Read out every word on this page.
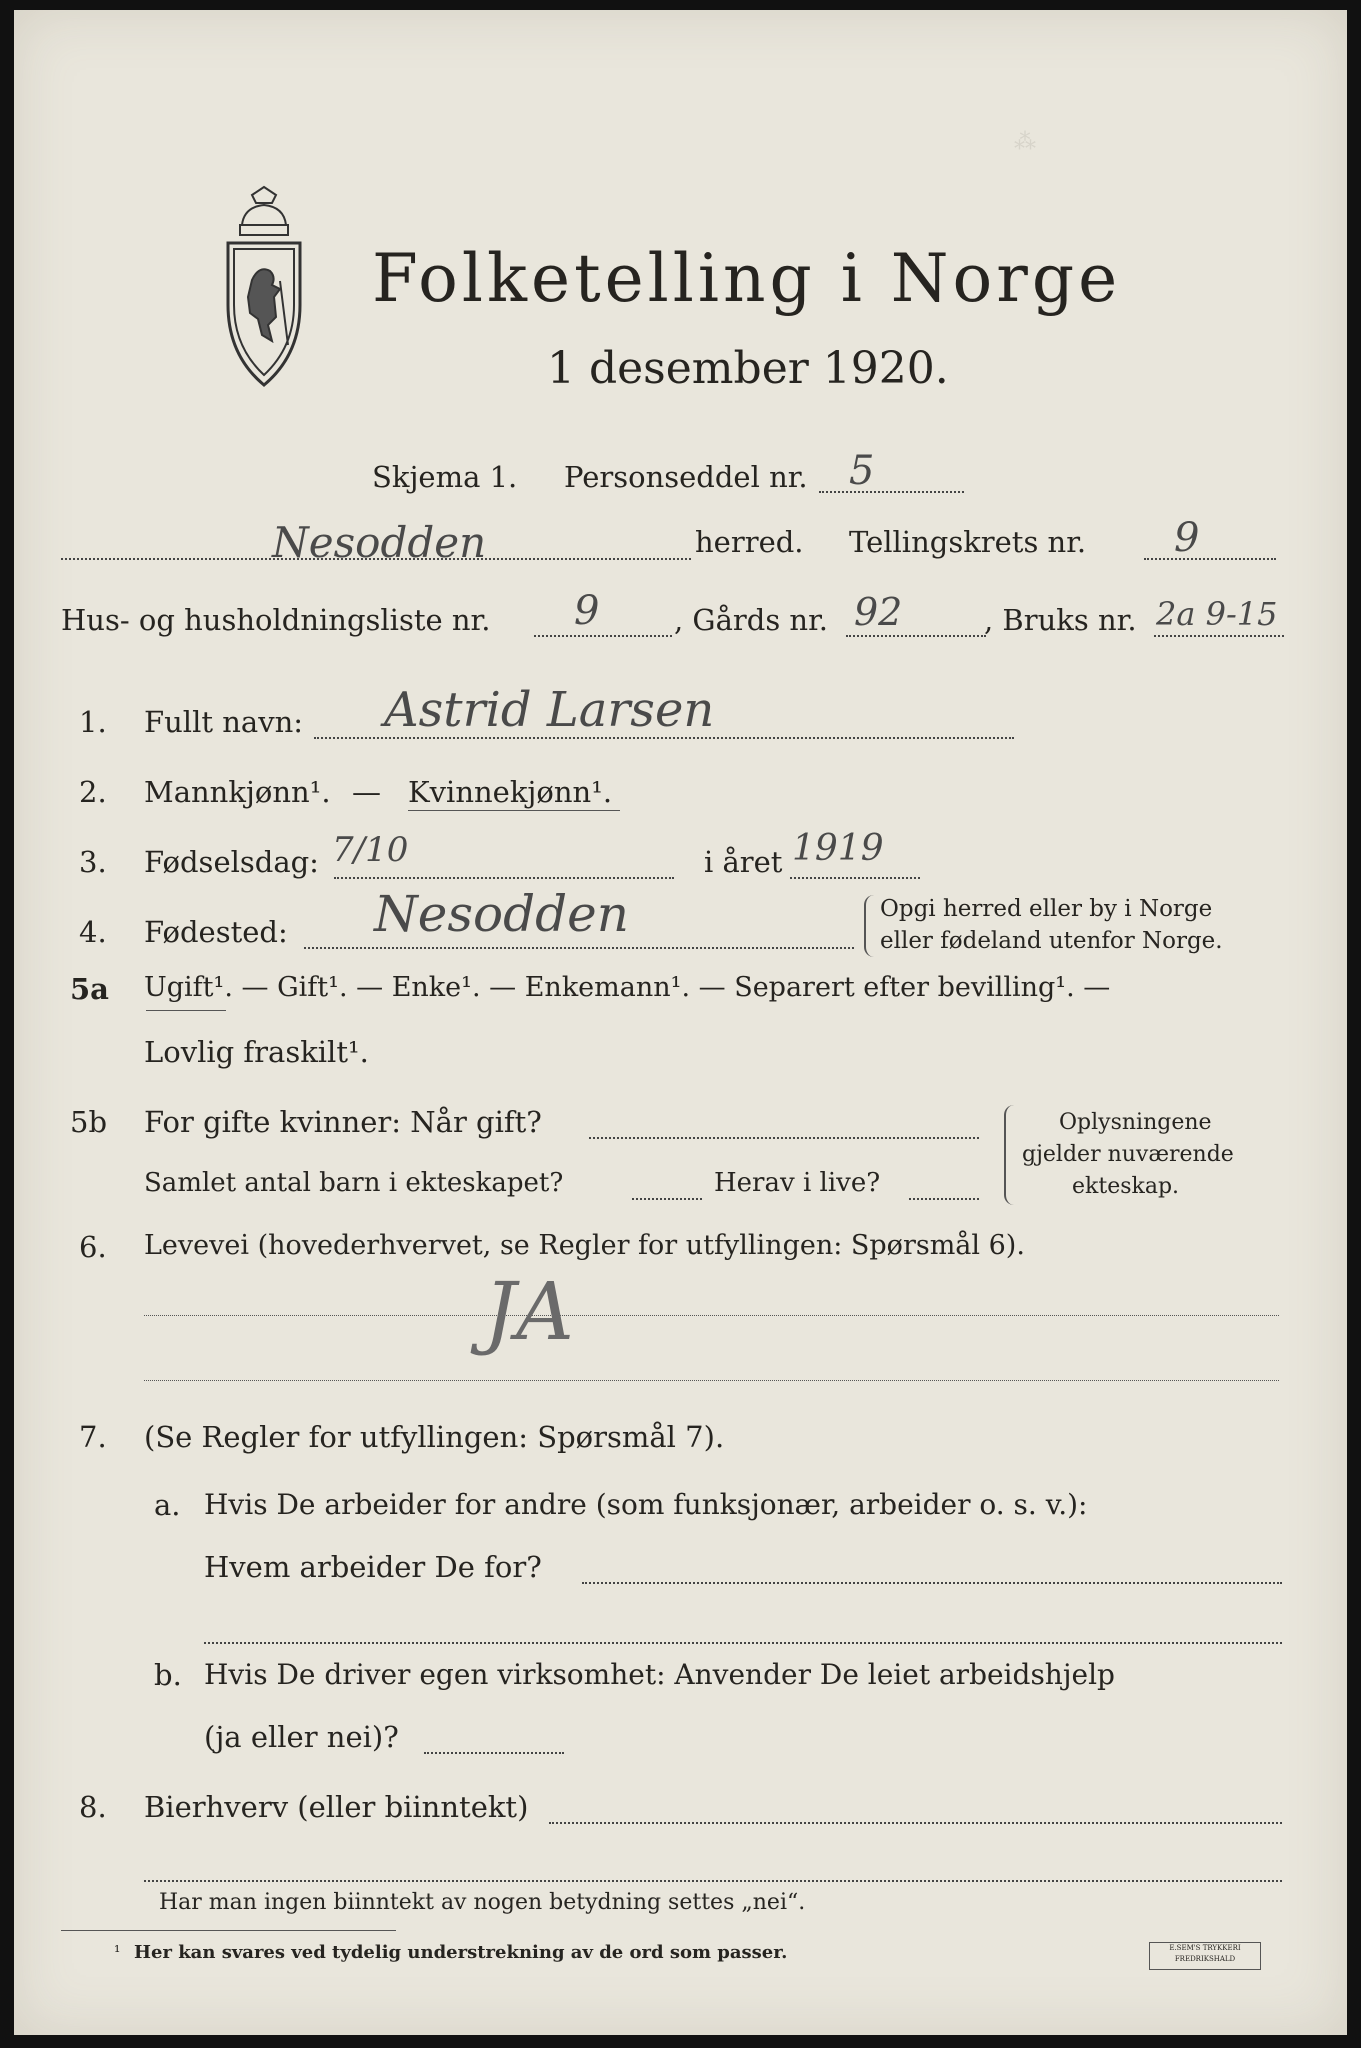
⁂
Folketelling i Norge
1 desember 1920.
Skjema 1. Personseddel nr. 5
Nesodden	herred. Tellingskrets nr. 9
Hus- og husholdningsliste nr. 9	, Gårds nr. 92	, Bruks nr. 2a 9-15
1. Fullt navn: Astrid Larsen
2. Mannkjønn¹. — Kvinnekjønn¹.
3. Fødselsdag: 7/10	i året 1919
4. Fødested: Nesodden	Opgi herred eller by i Norge
eller fødeland utenfor Norge.
5a Ugift¹. — Gift¹. — Enke¹. — Enkemann¹. — Separert efter bevilling¹. —
Lovlig fraskilt¹.
5b For gifte kvinner: Når gift?
Samlet antal barn i ekteskapet?	Herav i live?
Oplysningene
gjelder nuværende
ekteskap.
6. Levevei (hovederhvervet, se Regler for utfyllingen: Spørsmål 6).
JA
7. (Se Regler for utfyllingen: Spørsmål 7).
a. Hvis De arbeider for andre (som funksjonær, arbeider o. s. v.):
Hvem arbeider De for?
b. Hvis De driver egen virksomhet: Anvender De leiet arbeidshjelp
(ja eller nei)?
8. Bierhverv (eller biinntekt)
Har man ingen biinntekt av nogen betydning settes „nei“.
¹ Her kan svares ved tydelig understrekning av de ord som passer.	E.SEM'S TRYKKERI
FREDRIKSHALD
